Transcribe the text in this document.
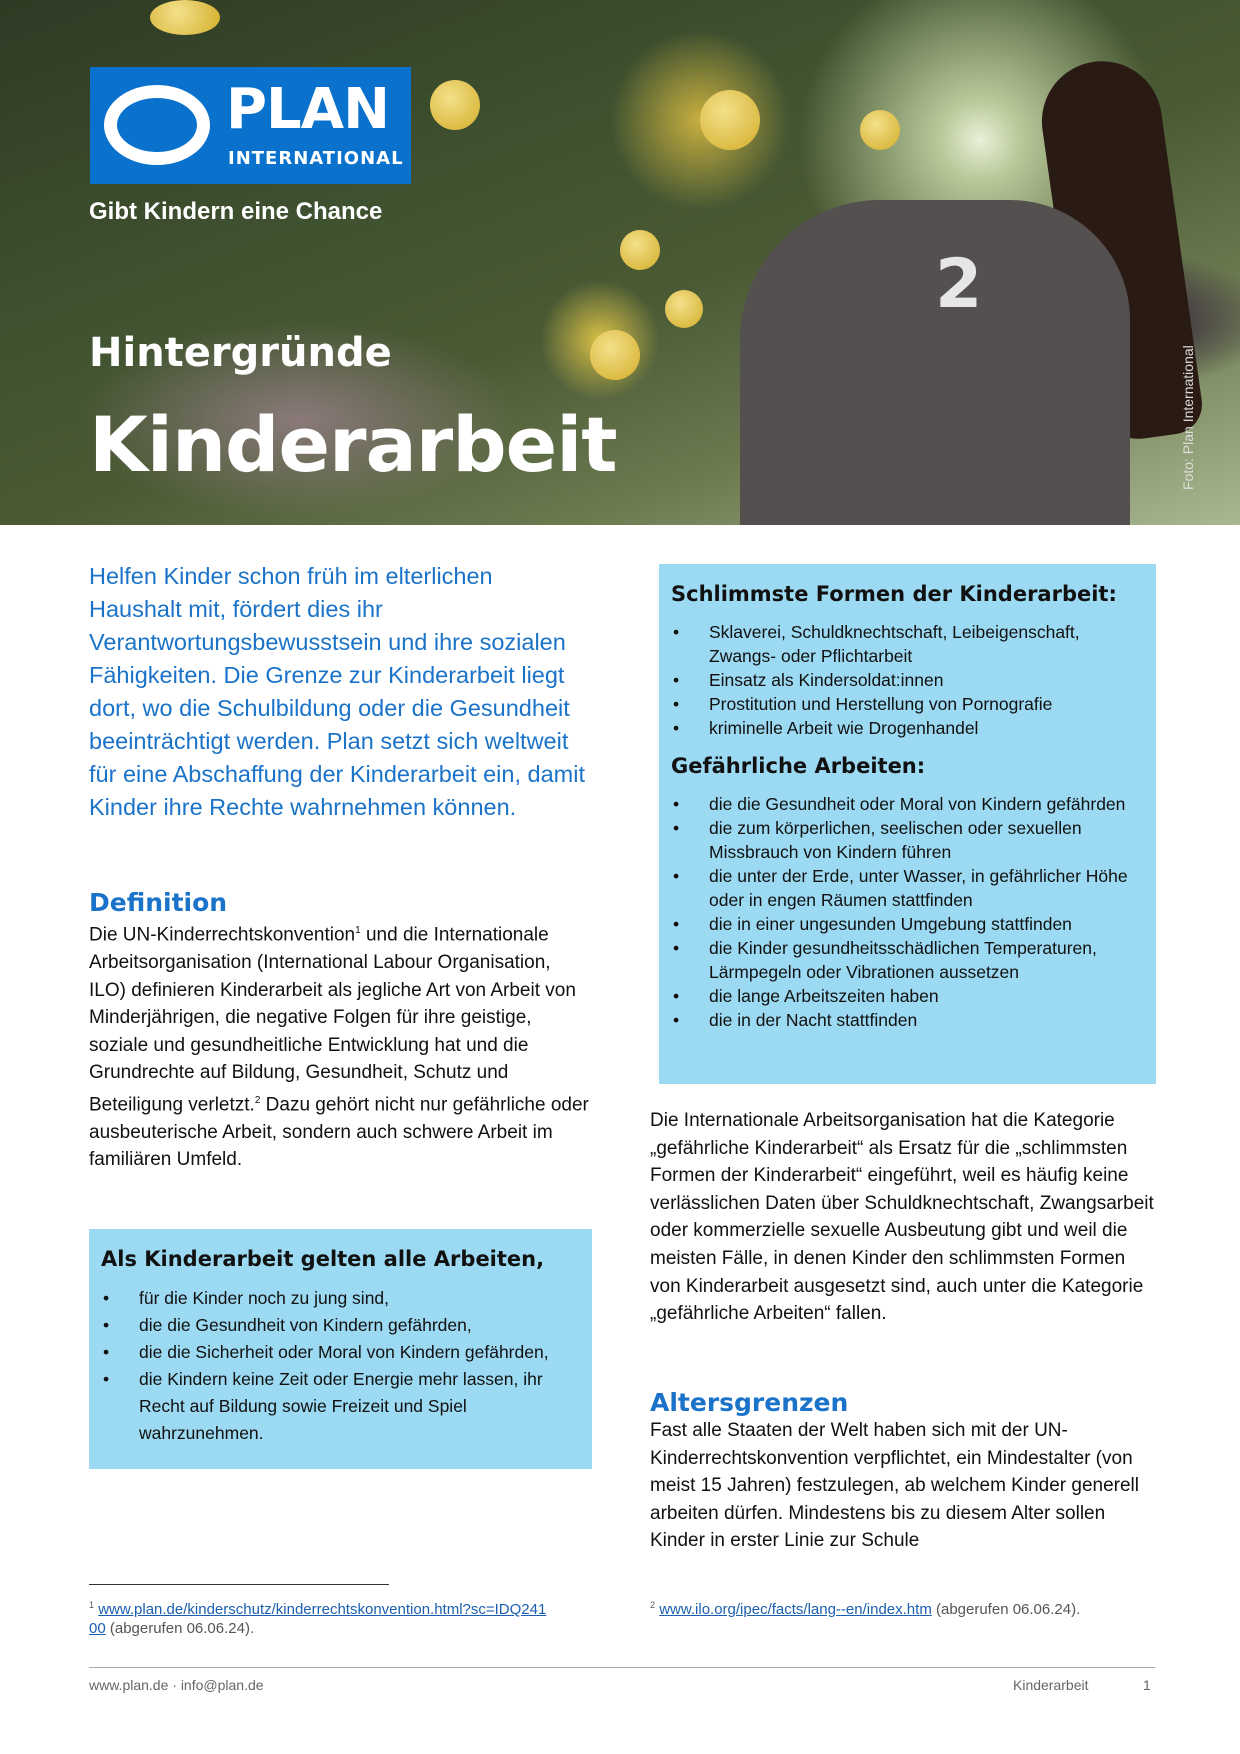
2
PLAN
INTERNATIONAL
Gibt Kindern eine Chance
Hintergründe
Kinderarbeit	Foto: Plan International
Helfen Kinder schon früh im elterlichen Haushalt mit, fördert dies ihr Verantwortungsbewusstsein und ihre sozialen Fähigkeiten. Die Grenze zur Kinderarbeit liegt dort, wo die Schulbildung oder die Gesundheit beeinträchtigt werden. Plan setzt sich weltweit für eine Abschaffung der Kinderarbeit ein, damit Kinder ihre Rechte wahrnehmen können.
Definition

Die UN-Kinderrechtskonvention$^1$ und die Internationale Arbeitsorganisation (International Labour Organisation, ILO) definieren Kinderarbeit als jegliche Art von Arbeit von Minderjährigen, die negative Folgen für ihre geistige, soziale und gesundheitliche Entwicklung hat und die Grundrechte auf Bildung, Gesundheit, Schutz und Beteiligung verletzt.$^2$ Dazu gehört nicht nur gefährliche oder ausbeuterische Arbeit, sondern auch schwere Arbeit im familiären Umfeld.

Als Kinderarbeit gelten alle Arbeiten,
• für die Kinder noch zu jung sind,
• die die Gesundheit von Kindern gefährden,
• die die Sicherheit oder Moral von Kindern gefährden,
• die Kindern keine Zeit oder Energie mehr lassen, ihr Recht auf Bildung sowie Freizeit und Spiel wahrzunehmen.
Schlimmste Formen der Kinderarbeit:
• Sklaverei, Schuldknechtschaft, Leibeigenschaft, Zwangs- oder Pflichtarbeit
• Einsatz als Kindersoldat:innen
• Prostitution und Herstellung von Pornografie
• kriminelle Arbeit wie Drogenhandel
Gefährliche Arbeiten:
• die die Gesundheit oder Moral von Kindern gefährden
• die zum körperlichen, seelischen oder sexuellen Missbrauch von Kindern führen
• die unter der Erde, unter Wasser, in gefährlicher Höhe oder in engen Räumen stattfinden
• die in einer ungesunden Umgebung stattfinden
• die Kinder gesundheitsschädlichen Temperaturen, Lärmpegeln oder Vibrationen aussetzen
• die lange Arbeitszeiten haben
• die in der Nacht stattfinden

Die Internationale Arbeitsorganisation hat die Kategorie „gefährliche Kinderarbeit“ als Ersatz für die „schlimmsten Formen der Kinderarbeit“ eingeführt, weil es häufig keine verlässlichen Daten über Schuldknechtschaft, Zwangsarbeit oder kommerzielle sexuelle Ausbeutung gibt und weil die meisten Fälle, in denen Kinder den schlimmsten Formen von Kinderarbeit ausgesetzt sind, auch unter die Kategorie „gefährliche Arbeiten“ fallen.

Altersgrenzen

Fast alle Staaten der Welt haben sich mit der UN-Kinderrechtskonvention verpflichtet, ein Mindestalter (von meist 15 Jahren) festzulegen, ab welchem Kinder generell arbeiten dürfen. Mindestens bis zu diesem Alter sollen Kinder in erster Linie zur Schule

$^1$ www.plan.de/kinderschutz/kinderrechtskonvention.html?sc=IDQ24100 (abgerufen 06.06.24).
$^2$ www.ilo.org/ipec/facts/lang--en/index.htm (abgerufen 06.06.24).
www.plan.de · info@plan.de	Kinderarbeit	1
